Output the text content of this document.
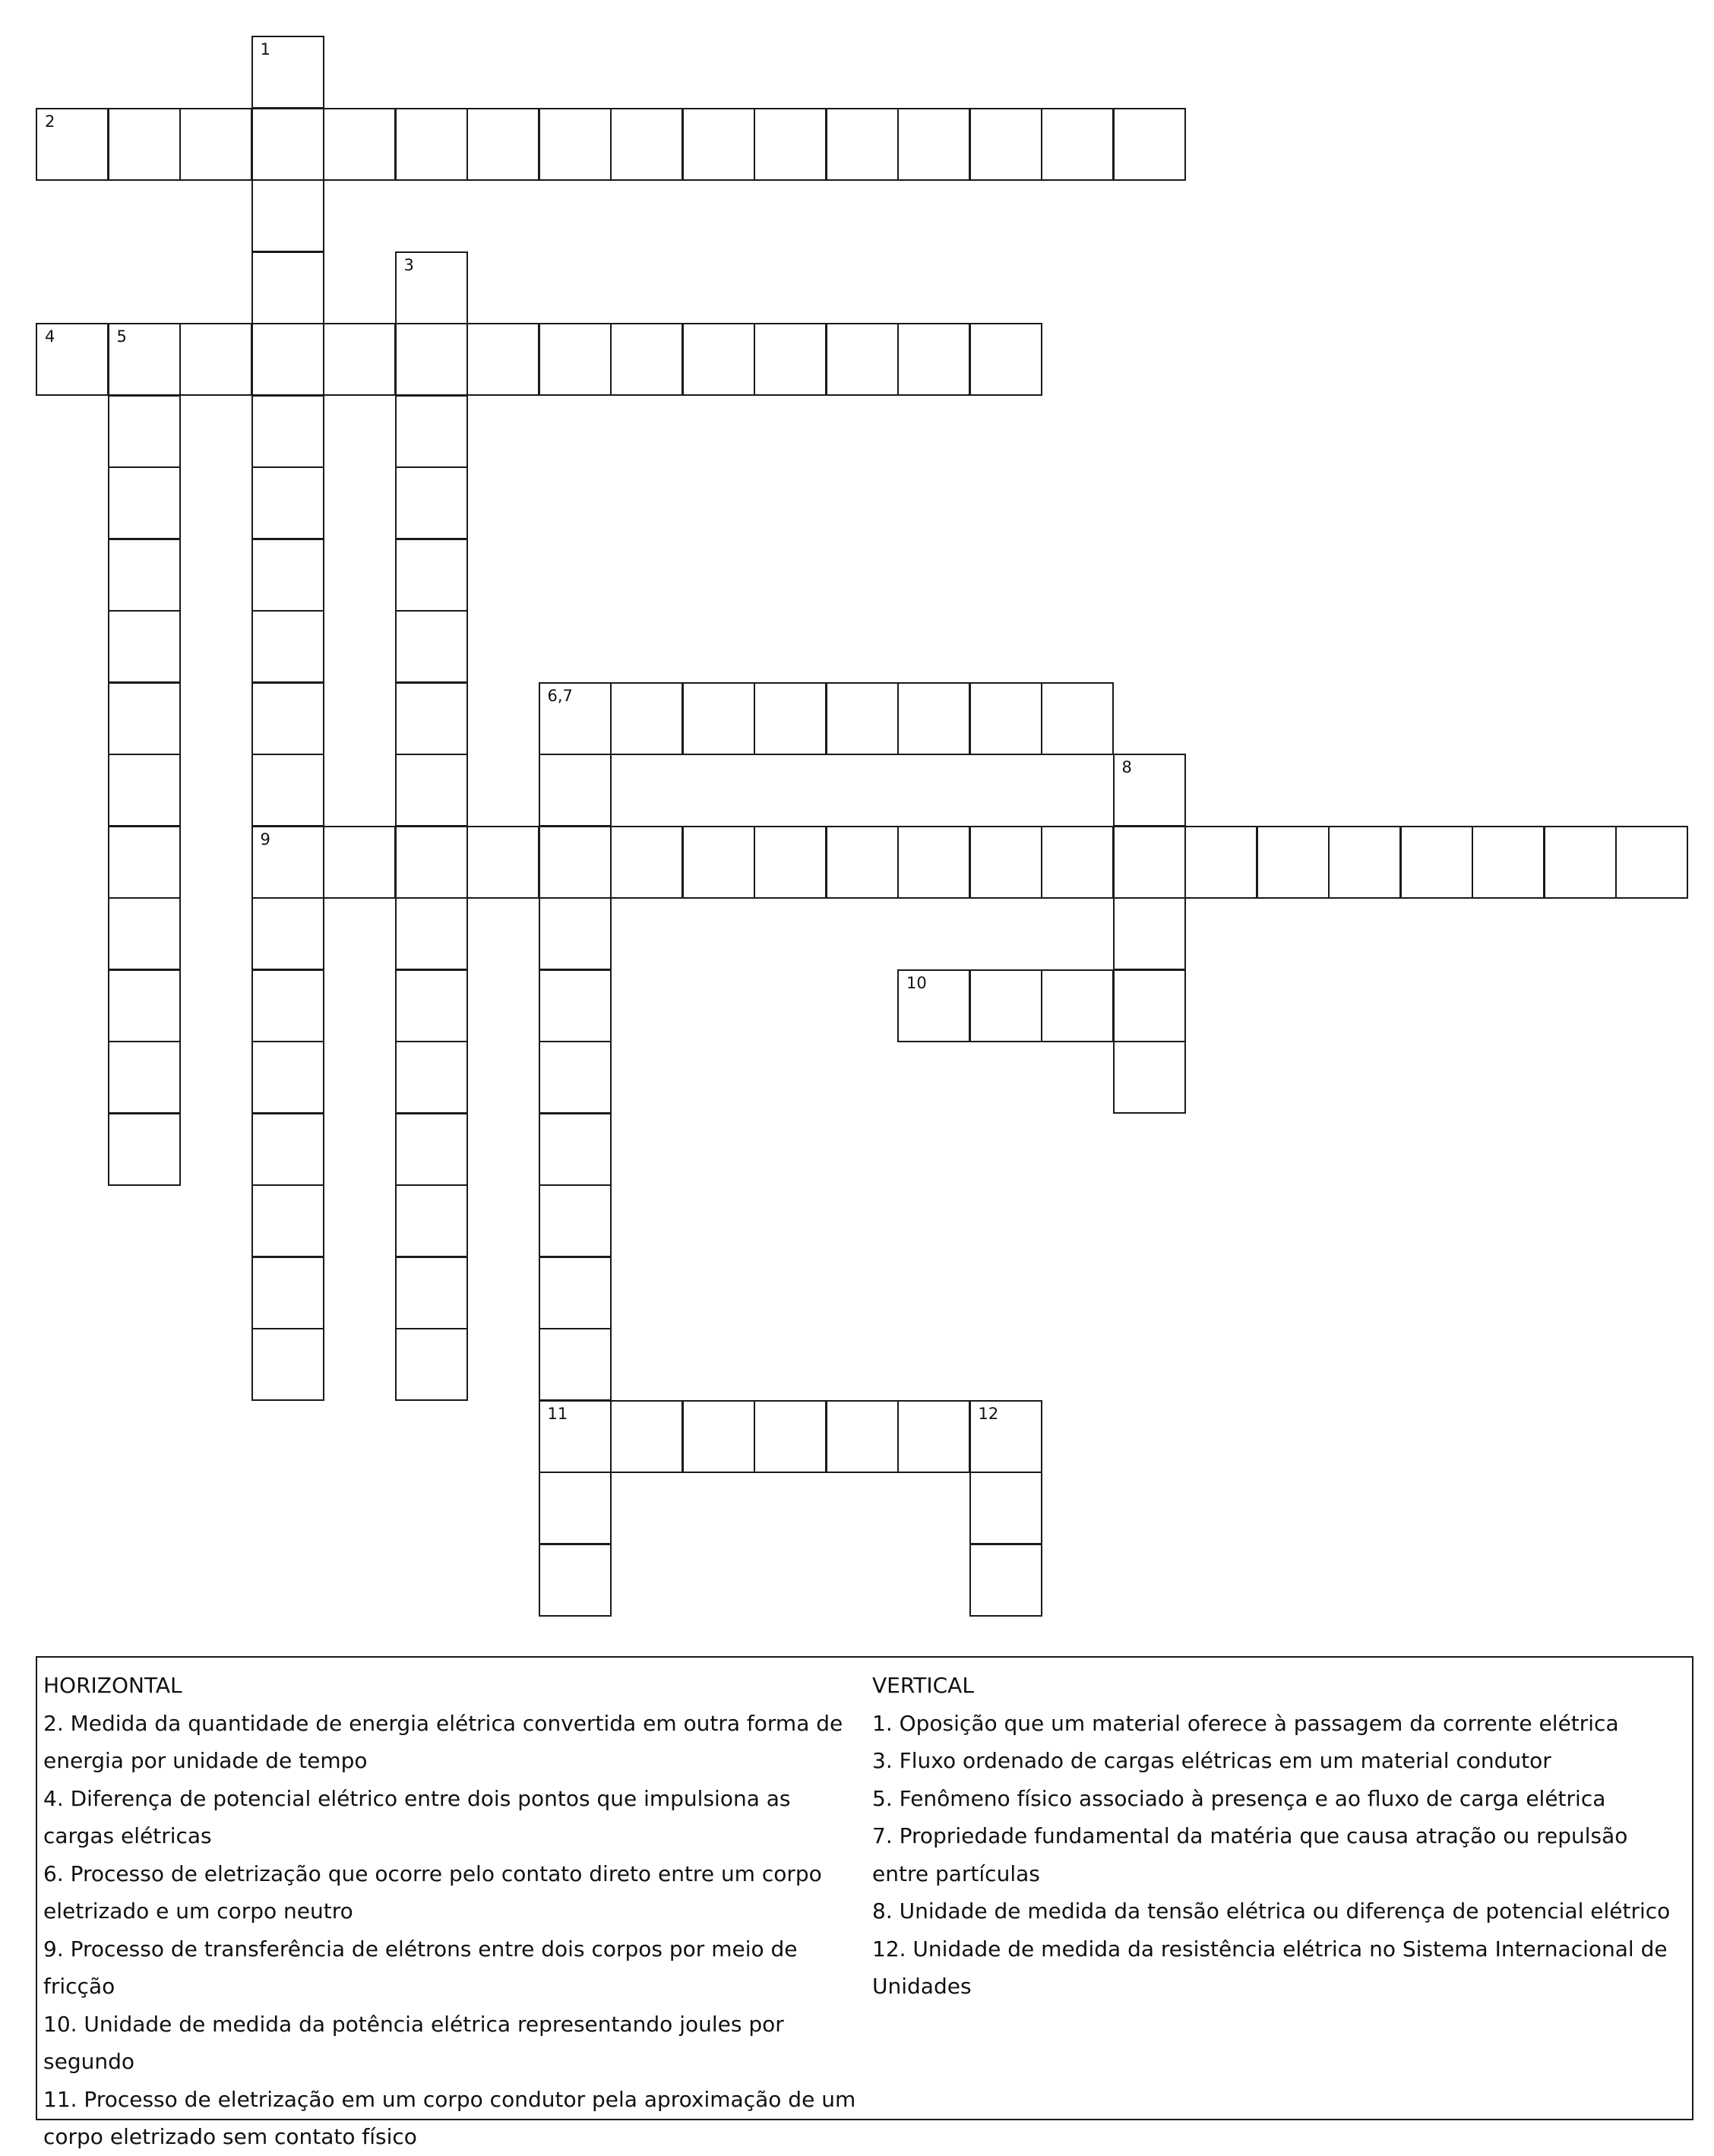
1
9
2
3
4	5
6,7
11
8
10
12
HORIZONTAL

2. Medida da quantidade de energia elétrica convertida em outra forma de energia por unidade de tempo

4. Diferença de potencial elétrico entre dois pontos que impulsiona as cargas elétricas

6. Processo de eletrização que ocorre pelo contato direto entre um corpo eletrizado e um corpo neutro

9. Processo de transferência de elétrons entre dois corpos por meio de fricção

10. Unidade de medida da potência elétrica representando joules por segundo

11. Processo de eletrização em um corpo condutor pela aproximação de um corpo eletrizado sem contato físico

VERTICAL

1. Oposição que um material oferece à passagem da corrente elétrica

3. Fluxo ordenado de cargas elétricas em um material condutor

5. Fenômeno físico associado à presença e ao fluxo de carga elétrica

7. Propriedade fundamental da matéria que causa atração ou repulsão entre partículas

8. Unidade de medida da tensão elétrica ou diferença de potencial elétrico

12. Unidade de medida da resistência elétrica no Sistema Internacional de Unidades
